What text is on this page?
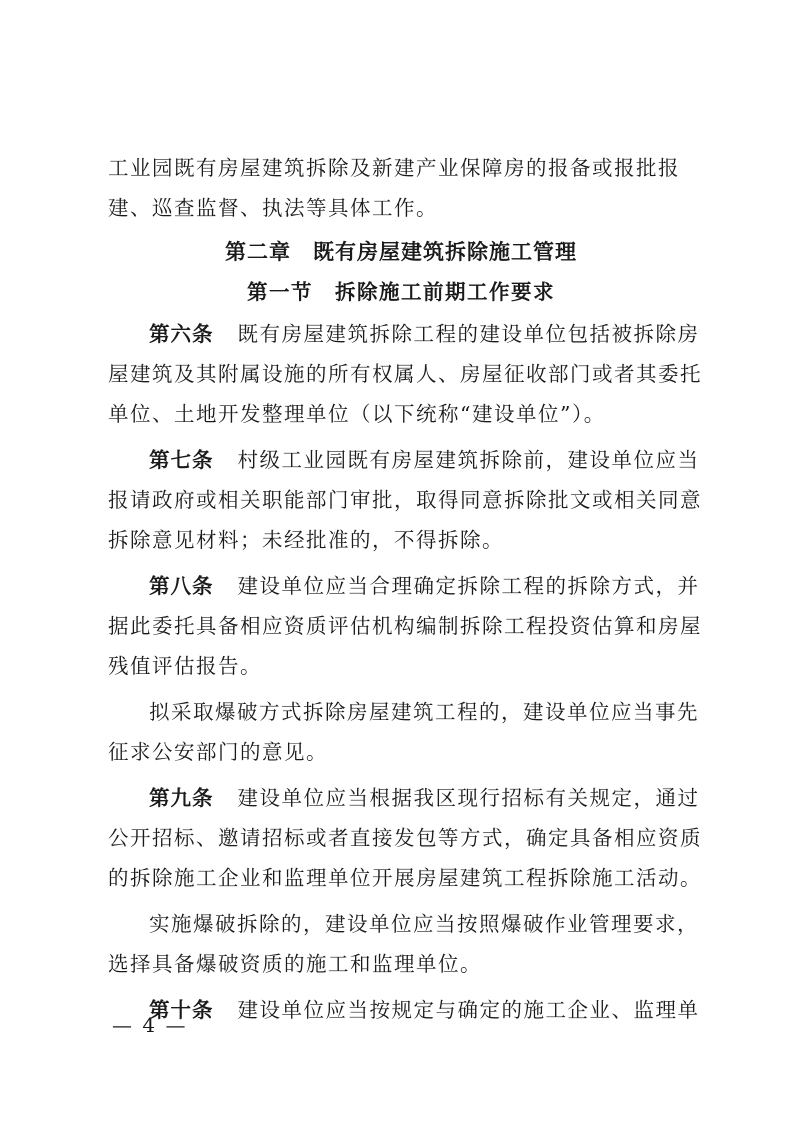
工业园既有房屋建筑拆除及新建产业保障房的报备或报批报
建、巡查监督、执法等具体工作。
第二章　既有房屋建筑拆除施工管理
第一节　拆除施工前期工作要求
第六条 既有房屋建筑拆除工程的建设单位包括被拆除房
屋建筑及其附属设施的所有权属人、房屋征收部门或者其委托
单位、土地开发整理单位（以下统称“建设单位”）。
第七条 村级工业园既有房屋建筑拆除前，建设单位应当
报请政府或相关职能部门审批，取得同意拆除批文或相关同意
拆除意见材料；未经批准的，不得拆除。
第八条 建设单位应当合理确定拆除工程的拆除方式，并
据此委托具备相应资质评估机构编制拆除工程投资估算和房屋
残值评估报告。
拟采取爆破方式拆除房屋建筑工程的，建设单位应当事先
征求公安部门的意见。
第九条 建设单位应当根据我区现行招标有关规定，通过
公开招标、邀请招标或者直接发包等方式，确定具备相应资质
的拆除施工企业和监理单位开展房屋建筑工程拆除施工活动。
实施爆破拆除的，建设单位应当按照爆破作业管理要求，
选择具备爆破资质的施工和监理单位。
第十条 建设单位应当按规定与确定的施工企业、监理单
— 4 —
